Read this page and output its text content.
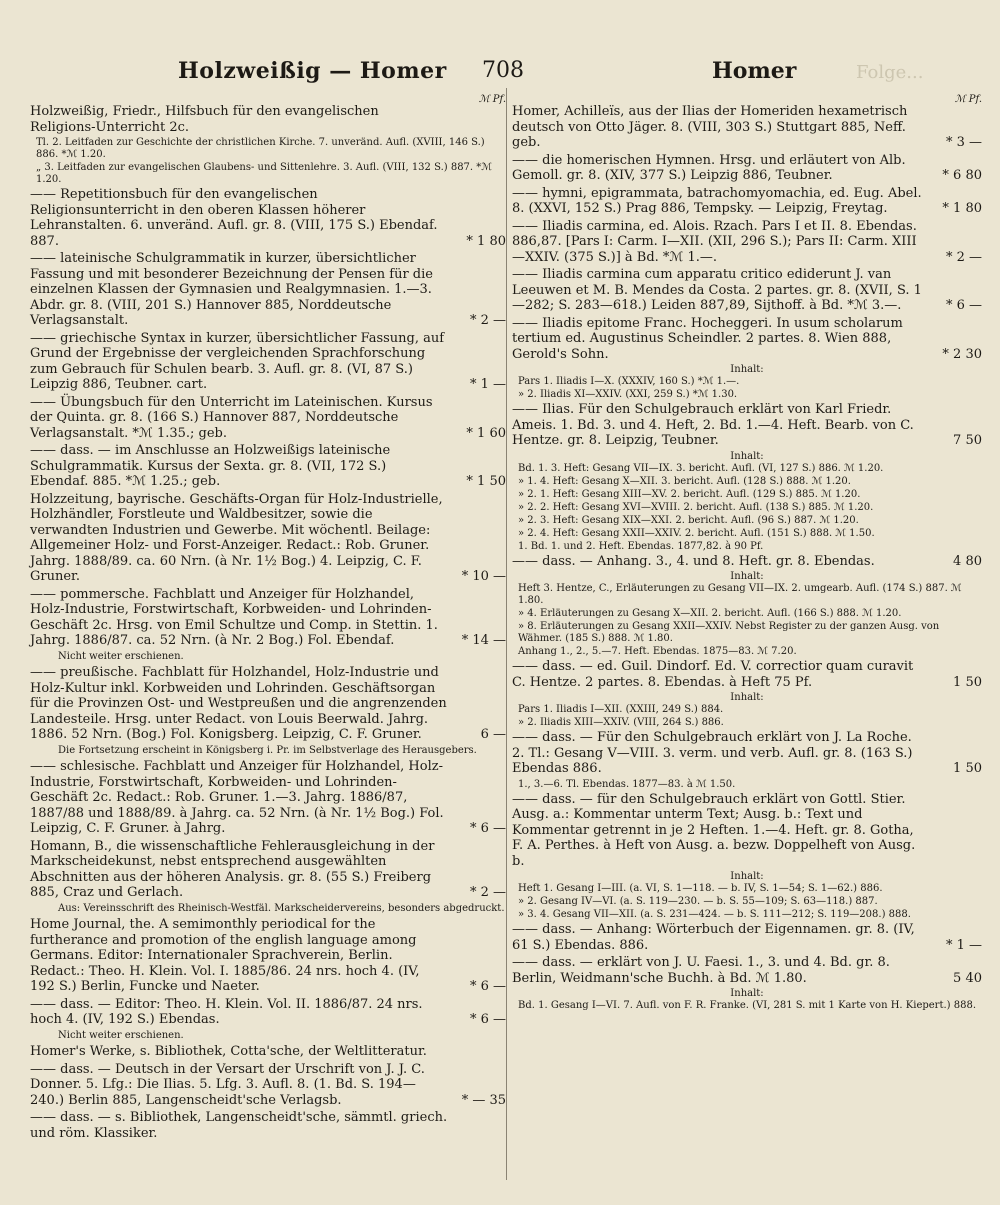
Holzweißig — Homer 708	Homer	Folge...
ℳ Pf.
Holzweißig, Friedr., Hilfsbuch für den evangelischen Religions-Unterricht 2c.
Tl. 2. Leitfaden zur Geschichte der christlichen Kirche. 7. unveränd. Aufl. (XVIII, 146 S.) 886. *ℳ 1.20.
„ 3. Leitfaden zur evangelischen Glaubens- und Sittenlehre. 3. Aufl. (VIII, 132 S.) 887. *ℳ 1.20.
—— Repetitionsbuch für den evangelischen Religionsunterricht in den oberen Klassen höherer Lehranstalten. 6. unveränd. Aufl. gr. 8. (VIII, 175 S.) Ebendaf. 887.	* 1 80
—— lateinische Schulgrammatik in kurzer, übersichtlicher Fassung und mit besonderer Bezeichnung der Pensen für die einzelnen Klassen der Gymnasien und Realgymnasien. 1.—3. Abdr. gr. 8. (VIII, 201 S.) Hannover 885, Norddeutsche Verlagsanstalt.	* 2 —
—— griechische Syntax in kurzer, übersichtlicher Fassung, auf Grund der Ergebnisse der vergleichenden Sprachforschung zum Gebrauch für Schulen bearb. 3. Aufl. gr. 8. (VI, 87 S.) Leipzig 886, Teubner. cart.	* 1 —
—— Übungsbuch für den Unterricht im Lateinischen. Kursus der Quinta. gr. 8. (166 S.) Hannover 887, Norddeutsche Verlagsanstalt. *ℳ 1.35.; geb.	* 1 60
—— dass. — im Anschlusse an Holzweißigs lateinische Schulgrammatik. Kursus der Sexta. gr. 8. (VII, 172 S.) Ebendaf. 885. *ℳ 1.25.; geb.	* 1 50
Holzzeitung, bayrische. Geschäfts-Organ für Holz-Industrielle, Holzhändler, Forstleute und Waldbesitzer, sowie die verwandten Industrien und Gewerbe. Mit wöchentl. Beilage: Allgemeiner Holz- und Forst-Anzeiger. Redact.: Rob. Gruner. Jahrg. 1888/89. ca. 60 Nrn. (à Nr. 1½ Bog.) 4. Leipzig, C. F. Gruner.	* 10 —
—— pommersche. Fachblatt und Anzeiger für Holzhandel, Holz-Industrie, Forstwirtschaft, Korbweiden- und Lohrinden-Geschäft 2c. Hrsg. von Emil Schultze und Comp. in Stettin. 1. Jahrg. 1886/87. ca. 52 Nrn. (à Nr. 2 Bog.) Fol. Ebendaf.	* 14 —
Nicht weiter erschienen.
—— preußische. Fachblatt für Holzhandel, Holz-Industrie und Holz-Kultur inkl. Korbweiden und Lohrinden. Geschäftsorgan für die Provinzen Ost- und Westpreußen und die angrenzenden Landesteile. Hrsg. unter Redact. von Louis Beerwald. Jahrg. 1886. 52 Nrn. (Bog.) Fol. Konigsberg. Leipzig, C. F. Gruner.	6 —
Die Fortsetzung erscheint in Königsberg i. Pr. im Selbstverlage des Herausgebers.
—— schlesische. Fachblatt und Anzeiger für Holzhandel, Holz-Industrie, Forstwirtschaft, Korbweiden- und Lohrinden-Geschäft 2c. Redact.: Rob. Gruner. 1.—3. Jahrg. 1886/87, 1887/88 und 1888/89. à Jahrg. ca. 52 Nrn. (à Nr. 1½ Bog.) Fol. Leipzig, C. F. Gruner. à Jahrg.	* 6 —
Homann, B., die wissenschaftliche Fehlerausgleichung in der Markscheidekunst, nebst entsprechend ausgewählten Abschnitten aus der höheren Analysis. gr. 8. (55 S.) Freiberg 885, Craz und Gerlach.	* 2 —
Aus: Vereinsschrift des Rheinisch-Westfäl. Markscheidervereins, besonders abgedruckt.
Home Journal, the. A semimonthly periodical for the furtherance and promotion of the english language among Germans. Editor: Internationaler Sprachverein, Berlin. Redact.: Theo. H. Klein. Vol. I. 1885/86. 24 nrs. hoch 4. (IV, 192 S.) Berlin, Funcke und Naeter.	* 6 —
—— dass. — Editor: Theo. H. Klein. Vol. II. 1886/87. 24 nrs. hoch 4. (IV, 192 S.) Ebendas.	* 6 —
Nicht weiter erschienen.
Homer's Werke, s. Bibliothek, Cotta'sche, der Weltlitteratur.
—— dass. — Deutsch in der Versart der Urschrift von J. J. C. Donner. 5. Lfg.: Die Ilias. 5. Lfg. 3. Aufl. 8. (1. Bd. S. 194—240.) Berlin 885, Langenscheidt'sche Verlagsb.	* — 35
—— dass. — s. Bibliothek, Langenscheidt'sche, sämmtl. griech. und röm. Klassiker.
ℳ Pf.
Homer, Achilleïs, aus der Ilias der Homeriden hexametrisch deutsch von Otto Jäger. 8. (VIII, 303 S.) Stuttgart 885, Neff. geb.	* 3 —
—— die homerischen Hymnen. Hrsg. und erläutert von Alb. Gemoll. gr. 8. (XIV, 377 S.) Leipzig 886, Teubner.	* 6 80
—— hymni, epigrammata, batrachomyomachia, ed. Eug. Abel. 8. (XXVI, 152 S.) Prag 886, Tempsky. — Leipzig, Freytag.	* 1 80
—— Iliadis carmina, ed. Alois. Rzach. Pars I et II. 8. Ebendas. 886,87. [Pars I: Carm. I—XII. (XII, 296 S.); Pars II: Carm. XIII—XXIV. (375 S.)] à Bd. *ℳ 1.—.	* 2 —
—— Iliadis carmina cum apparatu critico ediderunt J. van Leeuwen et M. B. Mendes da Costa. 2 partes. gr. 8. (XVII, S. 1—282; S. 283—618.) Leiden 887,89, Sijthoff. à Bd. *ℳ 3.—.	* 6 —
—— Iliadis epitome Franc. Hocheggeri. In usum scholarum tertium ed. Augustinus Scheindler. 2 partes. 8. Wien 888, Gerold's Sohn.	* 2 30
Inhalt:
Pars 1. Iliadis I—X. (XXXIV, 160 S.) *ℳ 1.—.
» 2. Iliadis XI—XXIV. (XXI, 259 S.) *ℳ 1.30.
—— Ilias. Für den Schulgebrauch erklärt von Karl Friedr. Ameis. 1. Bd. 3. und 4. Heft, 2. Bd. 1.—4. Heft. Bearb. von C. Hentze. gr. 8. Leipzig, Teubner.	7 50
Inhalt:
Bd. 1. 3. Heft: Gesang VII—IX. 3. bericht. Aufl. (VI, 127 S.) 886. ℳ 1.20.
» 1. 4. Heft: Gesang X—XII. 3. bericht. Aufl. (128 S.) 888. ℳ 1.20.
» 2. 1. Heft: Gesang XIII—XV. 2. bericht. Aufl. (129 S.) 885. ℳ 1.20.
» 2. 2. Heft: Gesang XVI—XVIII. 2. bericht. Aufl. (138 S.) 885. ℳ 1.20.
» 2. 3. Heft: Gesang XIX—XXI. 2. bericht. Aufl. (96 S.) 887. ℳ 1.20.
» 2. 4. Heft: Gesang XXII—XXIV. 2. bericht. Aufl. (151 S.) 888. ℳ 1.50.
1. Bd. 1. und 2. Heft. Ebendas. 1877,82. à 90 Pf.
—— dass. — Anhang. 3., 4. und 8. Heft. gr. 8. Ebendas.	4 80
Inhalt:
Heft 3. Hentze, C., Erläuterungen zu Gesang VII—IX. 2. umgearb. Aufl. (174 S.) 887. ℳ 1.80.
» 4. Erläuterungen zu Gesang X—XII. 2. bericht. Aufl. (166 S.) 888. ℳ 1.20.
» 8. Erläuterungen zu Gesang XXII—XXIV. Nebst Register zu der ganzen Ausg. von Wähmer. (185 S.) 888. ℳ 1.80.
Anhang 1., 2., 5.—7. Heft. Ebendas. 1875—83. ℳ 7.20.
—— dass. — ed. Guil. Dindorf. Ed. V. correctior quam curavit C. Hentze. 2 partes. 8. Ebendas. à Heft 75 Pf.	1 50
Inhalt:
Pars 1. Iliadis I—XII. (XXIII, 249 S.) 884.
» 2. Iliadis XIII—XXIV. (VIII, 264 S.) 886.
—— dass. — Für den Schulgebrauch erklärt von J. La Roche. 2. Tl.: Gesang V—VIII. 3. verm. und verb. Aufl. gr. 8. (163 S.) Ebendas 886.	1 50
1., 3.—6. Tl. Ebendas. 1877—83. à ℳ 1.50.
—— dass. — für den Schulgebrauch erklärt von Gottl. Stier. Ausg. a.: Kommentar unterm Text; Ausg. b.: Text und Kommentar getrennt in je 2 Heften. 1.—4. Heft. gr. 8. Gotha, F. A. Perthes. à Heft von Ausg. a. bezw. Doppelheft von Ausg. b.
Inhalt:
Heft 1. Gesang I—III. (a. VI, S. 1—118. — b. IV, S. 1—54; S. 1—62.) 886.
» 2. Gesang IV—VI. (a. S. 119—230. — b. S. 55—109; S. 63—118.) 887.
» 3. 4. Gesang VII—XII. (a. S. 231—424. — b. S. 111—212; S. 119—208.) 888.
—— dass. — Anhang: Wörterbuch der Eigennamen. gr. 8. (IV, 61 S.) Ebendas. 886.	* 1 —
—— dass. — erklärt von J. U. Faesi. 1., 3. und 4. Bd. gr. 8. Berlin, Weidmann'sche Buchh. à Bd. ℳ 1.80.	5 40
Inhalt:
Bd. 1. Gesang I—VI. 7. Aufl. von F. R. Franke. (VI, 281 S. mit 1 Karte von H. Kiepert.) 888.
